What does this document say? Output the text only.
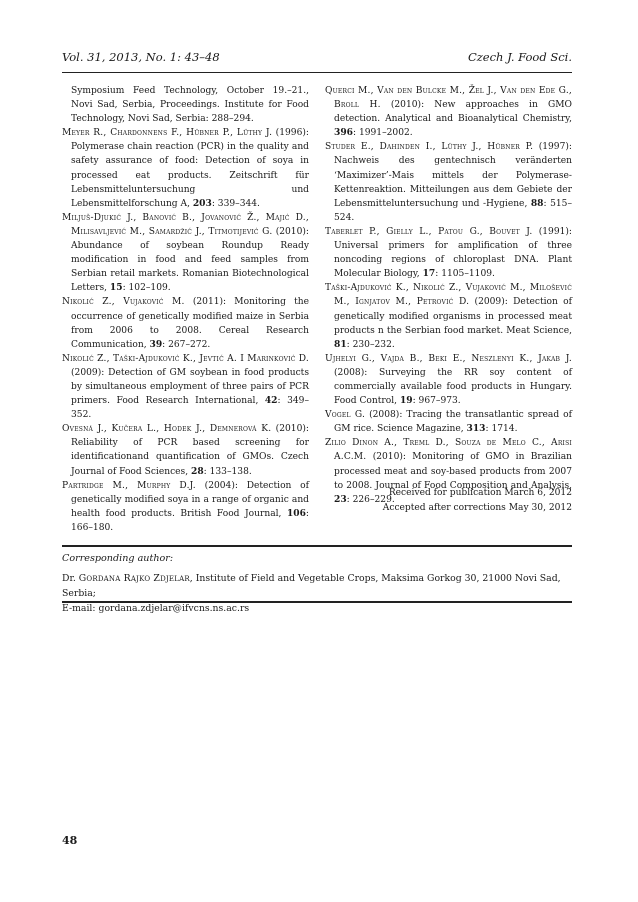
Vol. 31, 2013, No. 1: 43–48	Czech J. Food Sci.

Symposium Feed Technology, October 19.–21., Novi Sad, Serbia, Proceedings. Institute for Food Technology, Novi Sad, Serbia: 288–294.

Meyer R., Chardonnens F., Hübner P., Lüthy J. (1996): Polymerase chain reaction (PCR) in the quality and safety assurance of food: Detection of soya in processed eat products. Zeitschrift für Lebensmitteluntersuchung und Lebensmittelforschung A, 203: 339–344.

Miljuš-Djukić J., Banović B., Jovanović Ž., Majić D., Milisavljević M., Samardžić J., Titmotijević G. (2010): Abundance of soybean Roundup Ready modification in food and feed samples from Serbian retail markets. Romanian Biotechnological Letters, 15: 102–109.

Nikolić Z., Vujaković M. (2011): Monitoring the occurrence of genetically modified maize in Serbia from 2006 to 2008. Cereal Research Communication, 39: 267–272.

Nikolić Z., Taški-Ajduković K., Jevtić A. I Marinković D. (2009): Detection of GM soybean in food products by simultaneous employment of three pairs of PCR primers. Food Research International, 42: 349–352.

Ovesná J., Kučera L., Hodek J., Demnerová K. (2010): Reliability of PCR based screening for identificationand quantification of GMOs. Czech Journal of Food Sciences, 28: 133–138.

Partridge M., Murphy D.J. (2004): Detection of genetically modified soya in a range of organic and health food products. British Food Journal, 106: 166–180.

Querci M., Van den Bulcke M., Žel J., Van den Ede G., Broll H. (2010): New approaches in GMO detection. Analytical and Bioanalytical Chemistry, 396: 1991–2002.

Studer E., Dahinden I., Lüthy J., Hübner P. (1997): Nachweis des gentechnisch veränderten ‘Maximizer’-Mais mittels der Polymerase-Kettenreaktion. Mitteilungen aus dem Gebiete der Lebensmitteluntersuchung und -Hygiene, 88: 515–524.

Taberlet P., Gielly L., Patou G., Bouvet J. (1991): Universal primers for amplification of three noncoding regions of chloroplast DNA. Plant Molecular Biology, 17: 1105–1109.

Taški-Ajduković K., Nikolić Z., Vujaković M., Milošević M., Ignjatov M., Petrović D. (2009): Detection of genetically modified organisms in processed meat products n the Serbian food market. Meat Science, 81: 230–232.

Ujhelyi G., Vajda B., Beki E., Neszlenyi K., Jakab J. (2008): Surveying the RR soy content of commercially available food products in Hungary. Food Control, 19: 967–973.

Vogel G. (2008): Tracing the transatlantic spread of GM rice. Science Magazine, 313: 1714.

Zilio Dinon A., Treml D., Souza de Melo C., Arisi A.C.M. (2010): Monitoring of GMO in Brazilian processed meat and soy-based products from 2007 to 2008. Journal of Food Composition and Analysis, 23: 226–229.

Received for publication March 6, 2012
Accepted after corrections May 30, 2012
Corresponding author:
Dr. Gordana Rajko Zdjelar, Institute of Field and Vegetable Crops, Maksima Gorkog 30, 21000 Novi Sad, Serbia;
E-mail: gordana.zdjelar@ifvcns.ns.ac.rs
48
